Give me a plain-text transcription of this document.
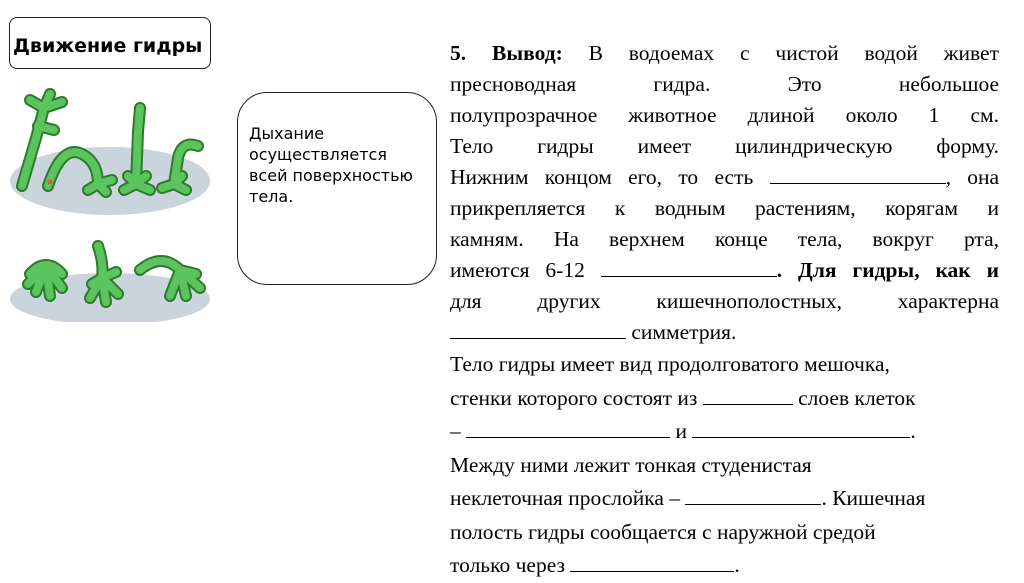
Движение гидры
Дыхание
осуществляется
всей поверхностью
тела.
5. Вывод: В водоемах с чистой водой живет
пресноводная гидра. Это небольшое
полупрозрачное животное длиной около 1 см.
Тело гидры имеет цилиндрическую форму.
Нижним концом его, то есть	, она
прикрепляется к водным растениям, корягам и
камням. На верхнем конце тела, вокруг рта,
имеются 6-12	. Для гидры, как и
для других кишечнополостных, характерна
симметрия.
Тело гидры имеет вид продолговатого мешочка,
стенки которого состоят из	слоев клеток
–	и	.
Между ними лежит тонкая студенистая
неклеточная прослойка –	. Кишечная
полость гидры сообщается с наружной средой
только через	.
